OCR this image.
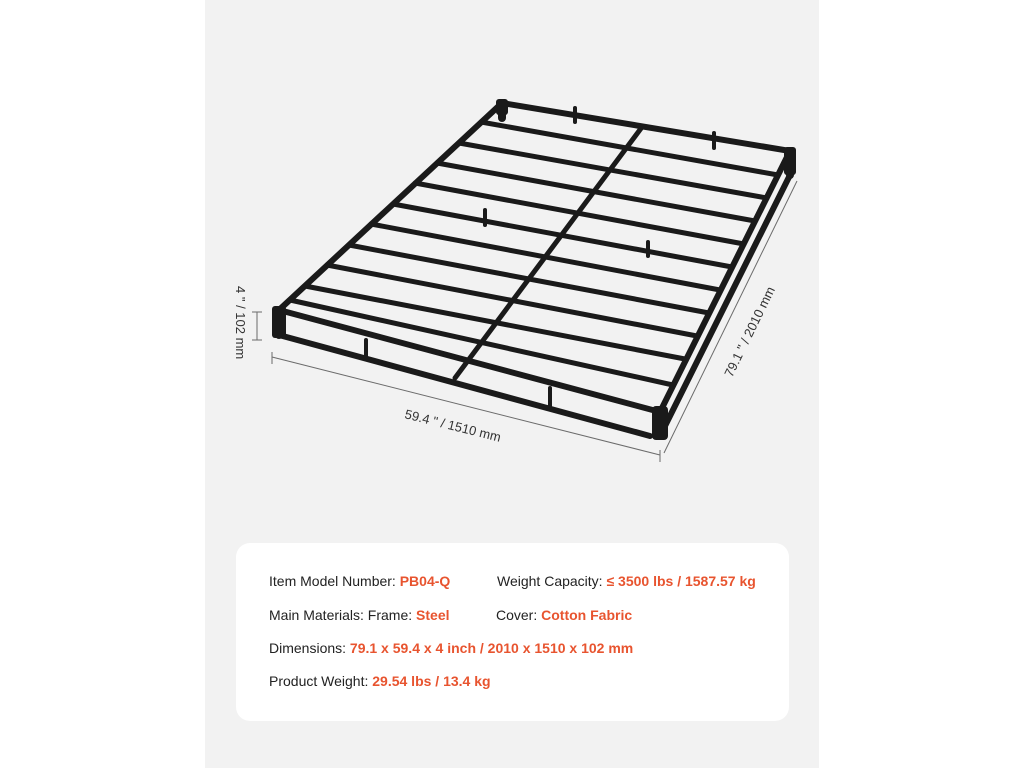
4 " / 102 mm
59.4 " / 1510 mm
79.1 " / 2010 mm
Item Model Number: PB04-Q	Weight Capacity: ≤ 3500 lbs / 1587.57 kg
Main Materials: Frame: Steel	Cover: Cotton Fabric
Dimensions: 79.1 x 59.4 x 4 inch / 2010 x 1510 x 102 mm
Product Weight: 29.54 lbs / 13.4 kg
